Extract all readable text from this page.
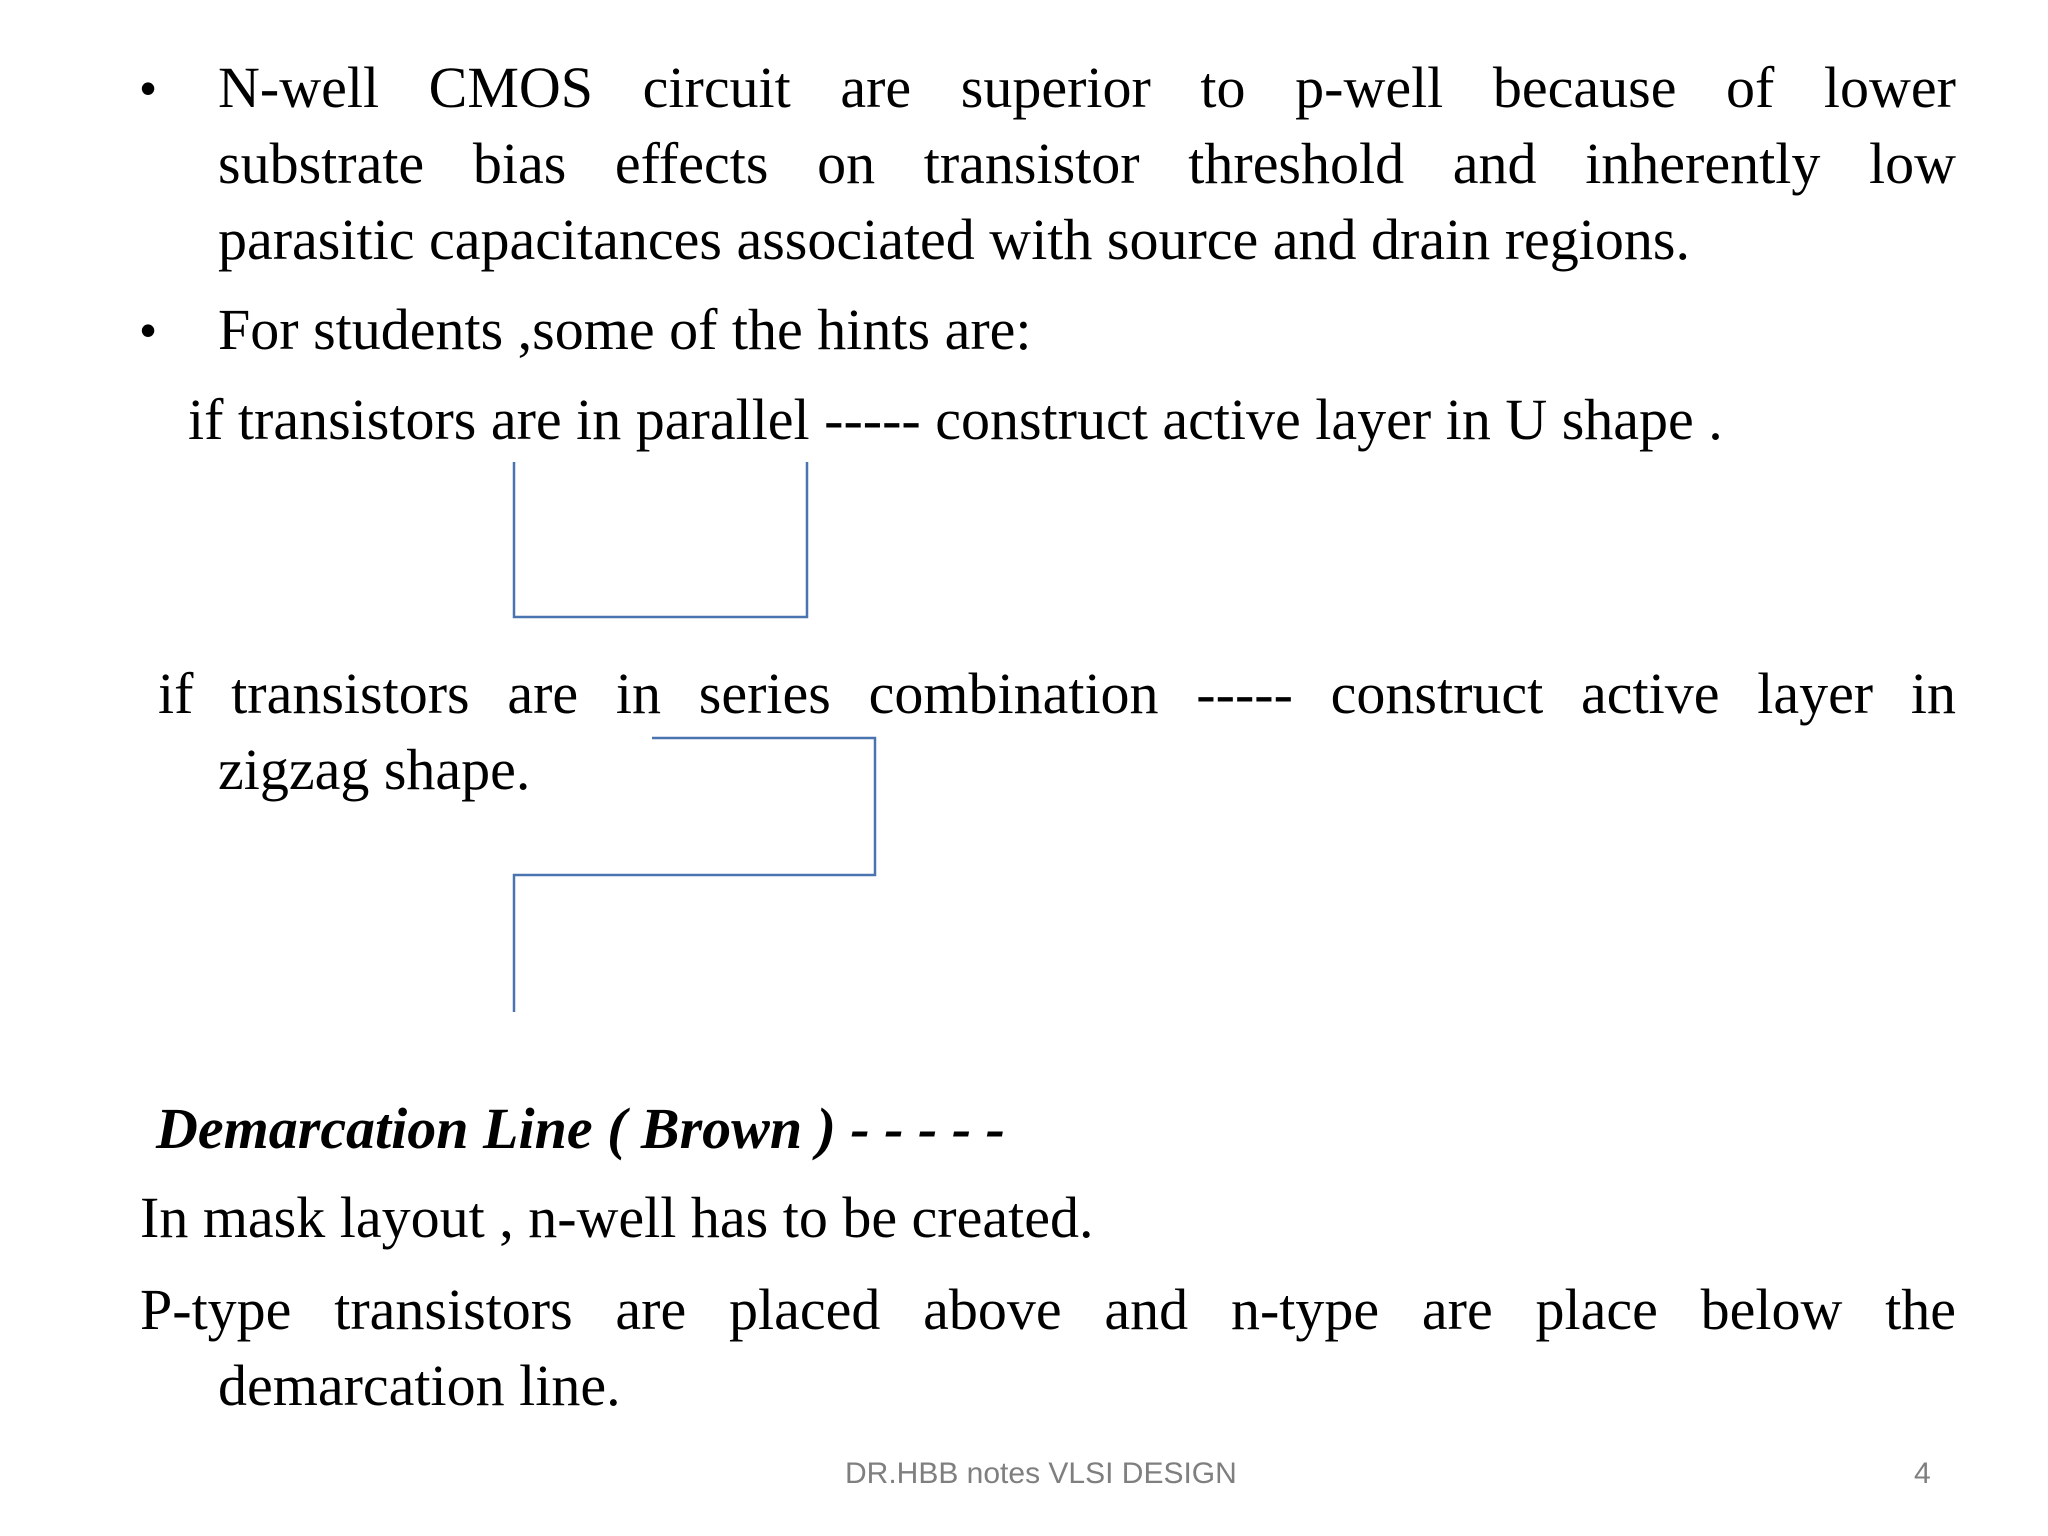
• N-well CMOS circuit are superior to p-well because of lower
substrate bias effects on transistor threshold and inherently low
parasitic capacitances associated with source and drain regions.
• For students ,some of the hints are:
if transistors are in parallel ----- construct active layer in U shape .
if transistors are in series combination ----- construct active layer in
zigzag shape.
Demarcation Line ( Brown ) - - - - -
In mask layout , n-well has to be created.
P-type transistors are placed above and n-type are place below the
demarcation line.
DR.HBB notes VLSI DESIGN	4
